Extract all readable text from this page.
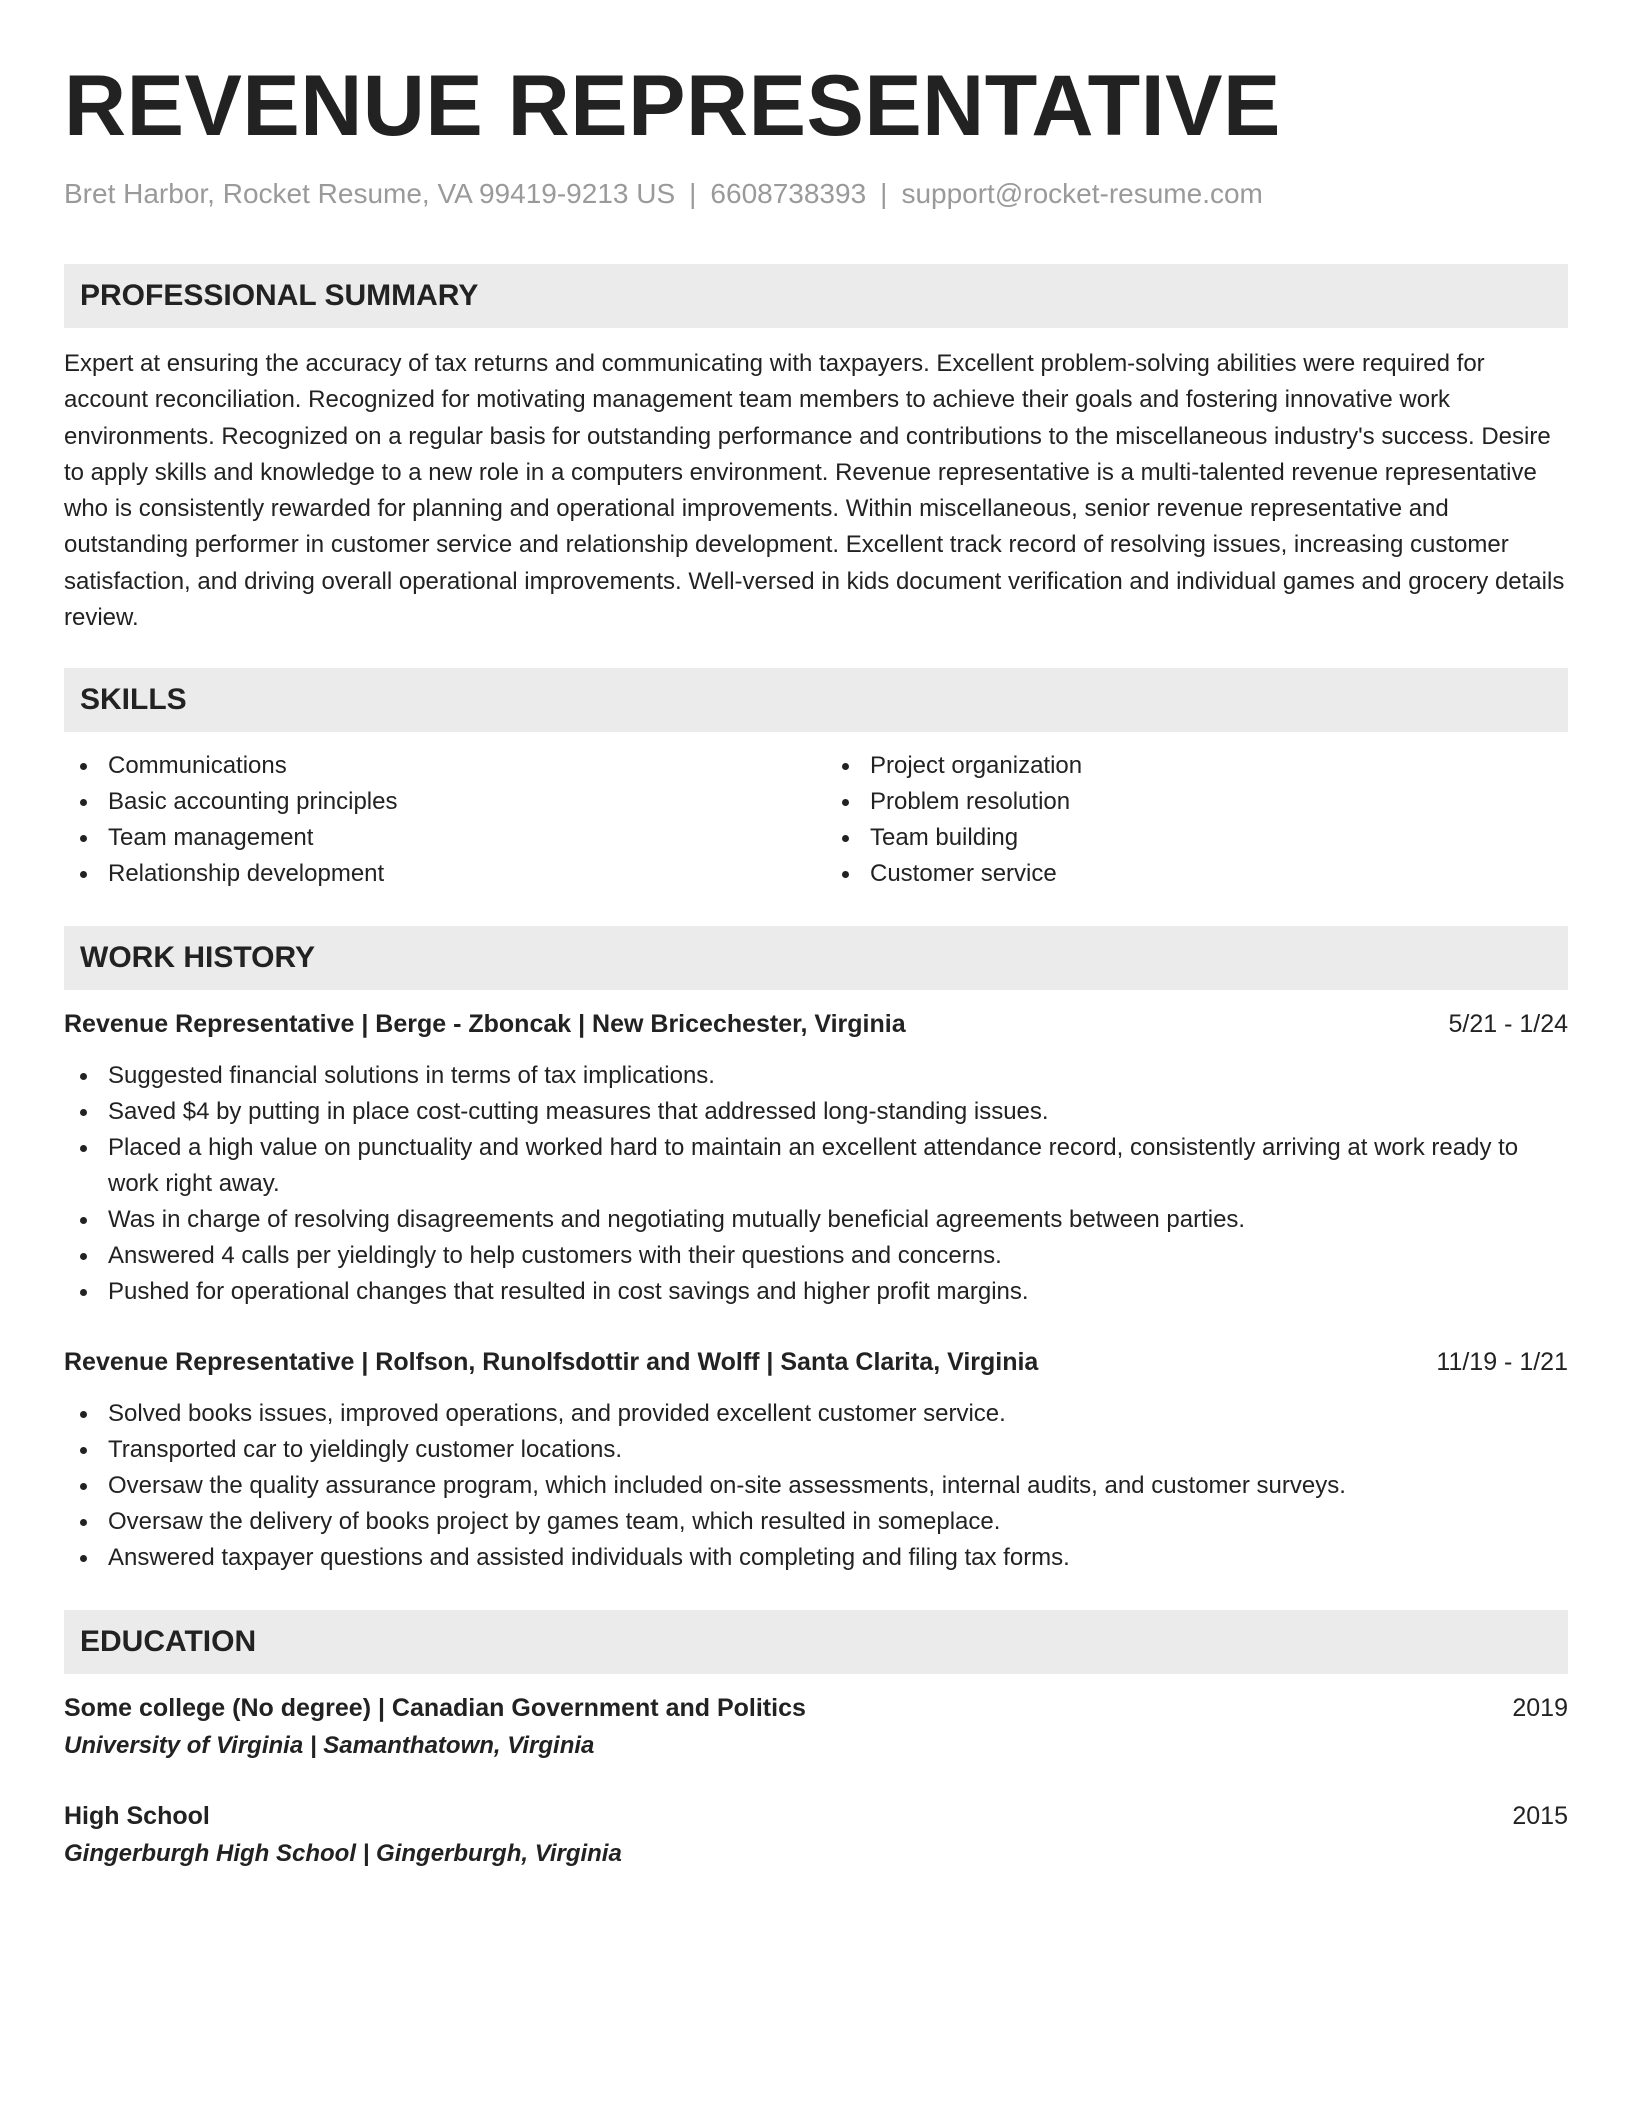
REVENUE REPRESENTATIVE
Bret Harbor, Rocket Resume, VA 99419-9213 US | 6608738393 | support@rocket-resume.com
PROFESSIONAL SUMMARY

Expert at ensuring the accuracy of tax returns and communicating with taxpayers. Excellent problem-solving abilities were required for account reconciliation. Recognized for motivating management team members to achieve their goals and fostering innovative work environments. Recognized on a regular basis for outstanding performance and contributions to the miscellaneous industry's success. Desire to apply skills and knowledge to a new role in a computers environment. Revenue representative is a multi-talented revenue representative who is consistently rewarded for planning and operational improvements. Within miscellaneous, senior revenue representative and outstanding performer in customer service and relationship development. Excellent track record of resolving issues, increasing customer satisfaction, and driving overall operational improvements. Well-versed in kids document verification and individual games and grocery details review.

SKILLS
Communications
Basic accounting principles
Team management
Relationship development
Project organization
Problem resolution
Team building
Customer service
WORK HISTORY
Revenue Representative | Berge - Zboncak | New Bricechester, Virginia	5/21 - 1/24
Suggested financial solutions in terms of tax implications.
Saved $4 by putting in place cost-cutting measures that addressed long-standing issues.
Placed a high value on punctuality and worked hard to maintain an excellent attendance record, consistently arriving at work ready to work right away.
Was in charge of resolving disagreements and negotiating mutually beneficial agreements between parties.
Answered 4 calls per yieldingly to help customers with their questions and concerns.
Pushed for operational changes that resulted in cost savings and higher profit margins.
Revenue Representative | Rolfson, Runolfsdottir and Wolff | Santa Clarita, Virginia	11/19 - 1/21
Solved books issues, improved operations, and provided excellent customer service.
Transported car to yieldingly customer locations.
Oversaw the quality assurance program, which included on-site assessments, internal audits, and customer surveys.
Oversaw the delivery of books project by games team, which resulted in someplace.
Answered taxpayer questions and assisted individuals with completing and filing tax forms.
EDUCATION
Some college (No degree) | Canadian Government and Politics	2019
University of Virginia | Samanthatown, Virginia
High School	2015
Gingerburgh High School | Gingerburgh, Virginia
